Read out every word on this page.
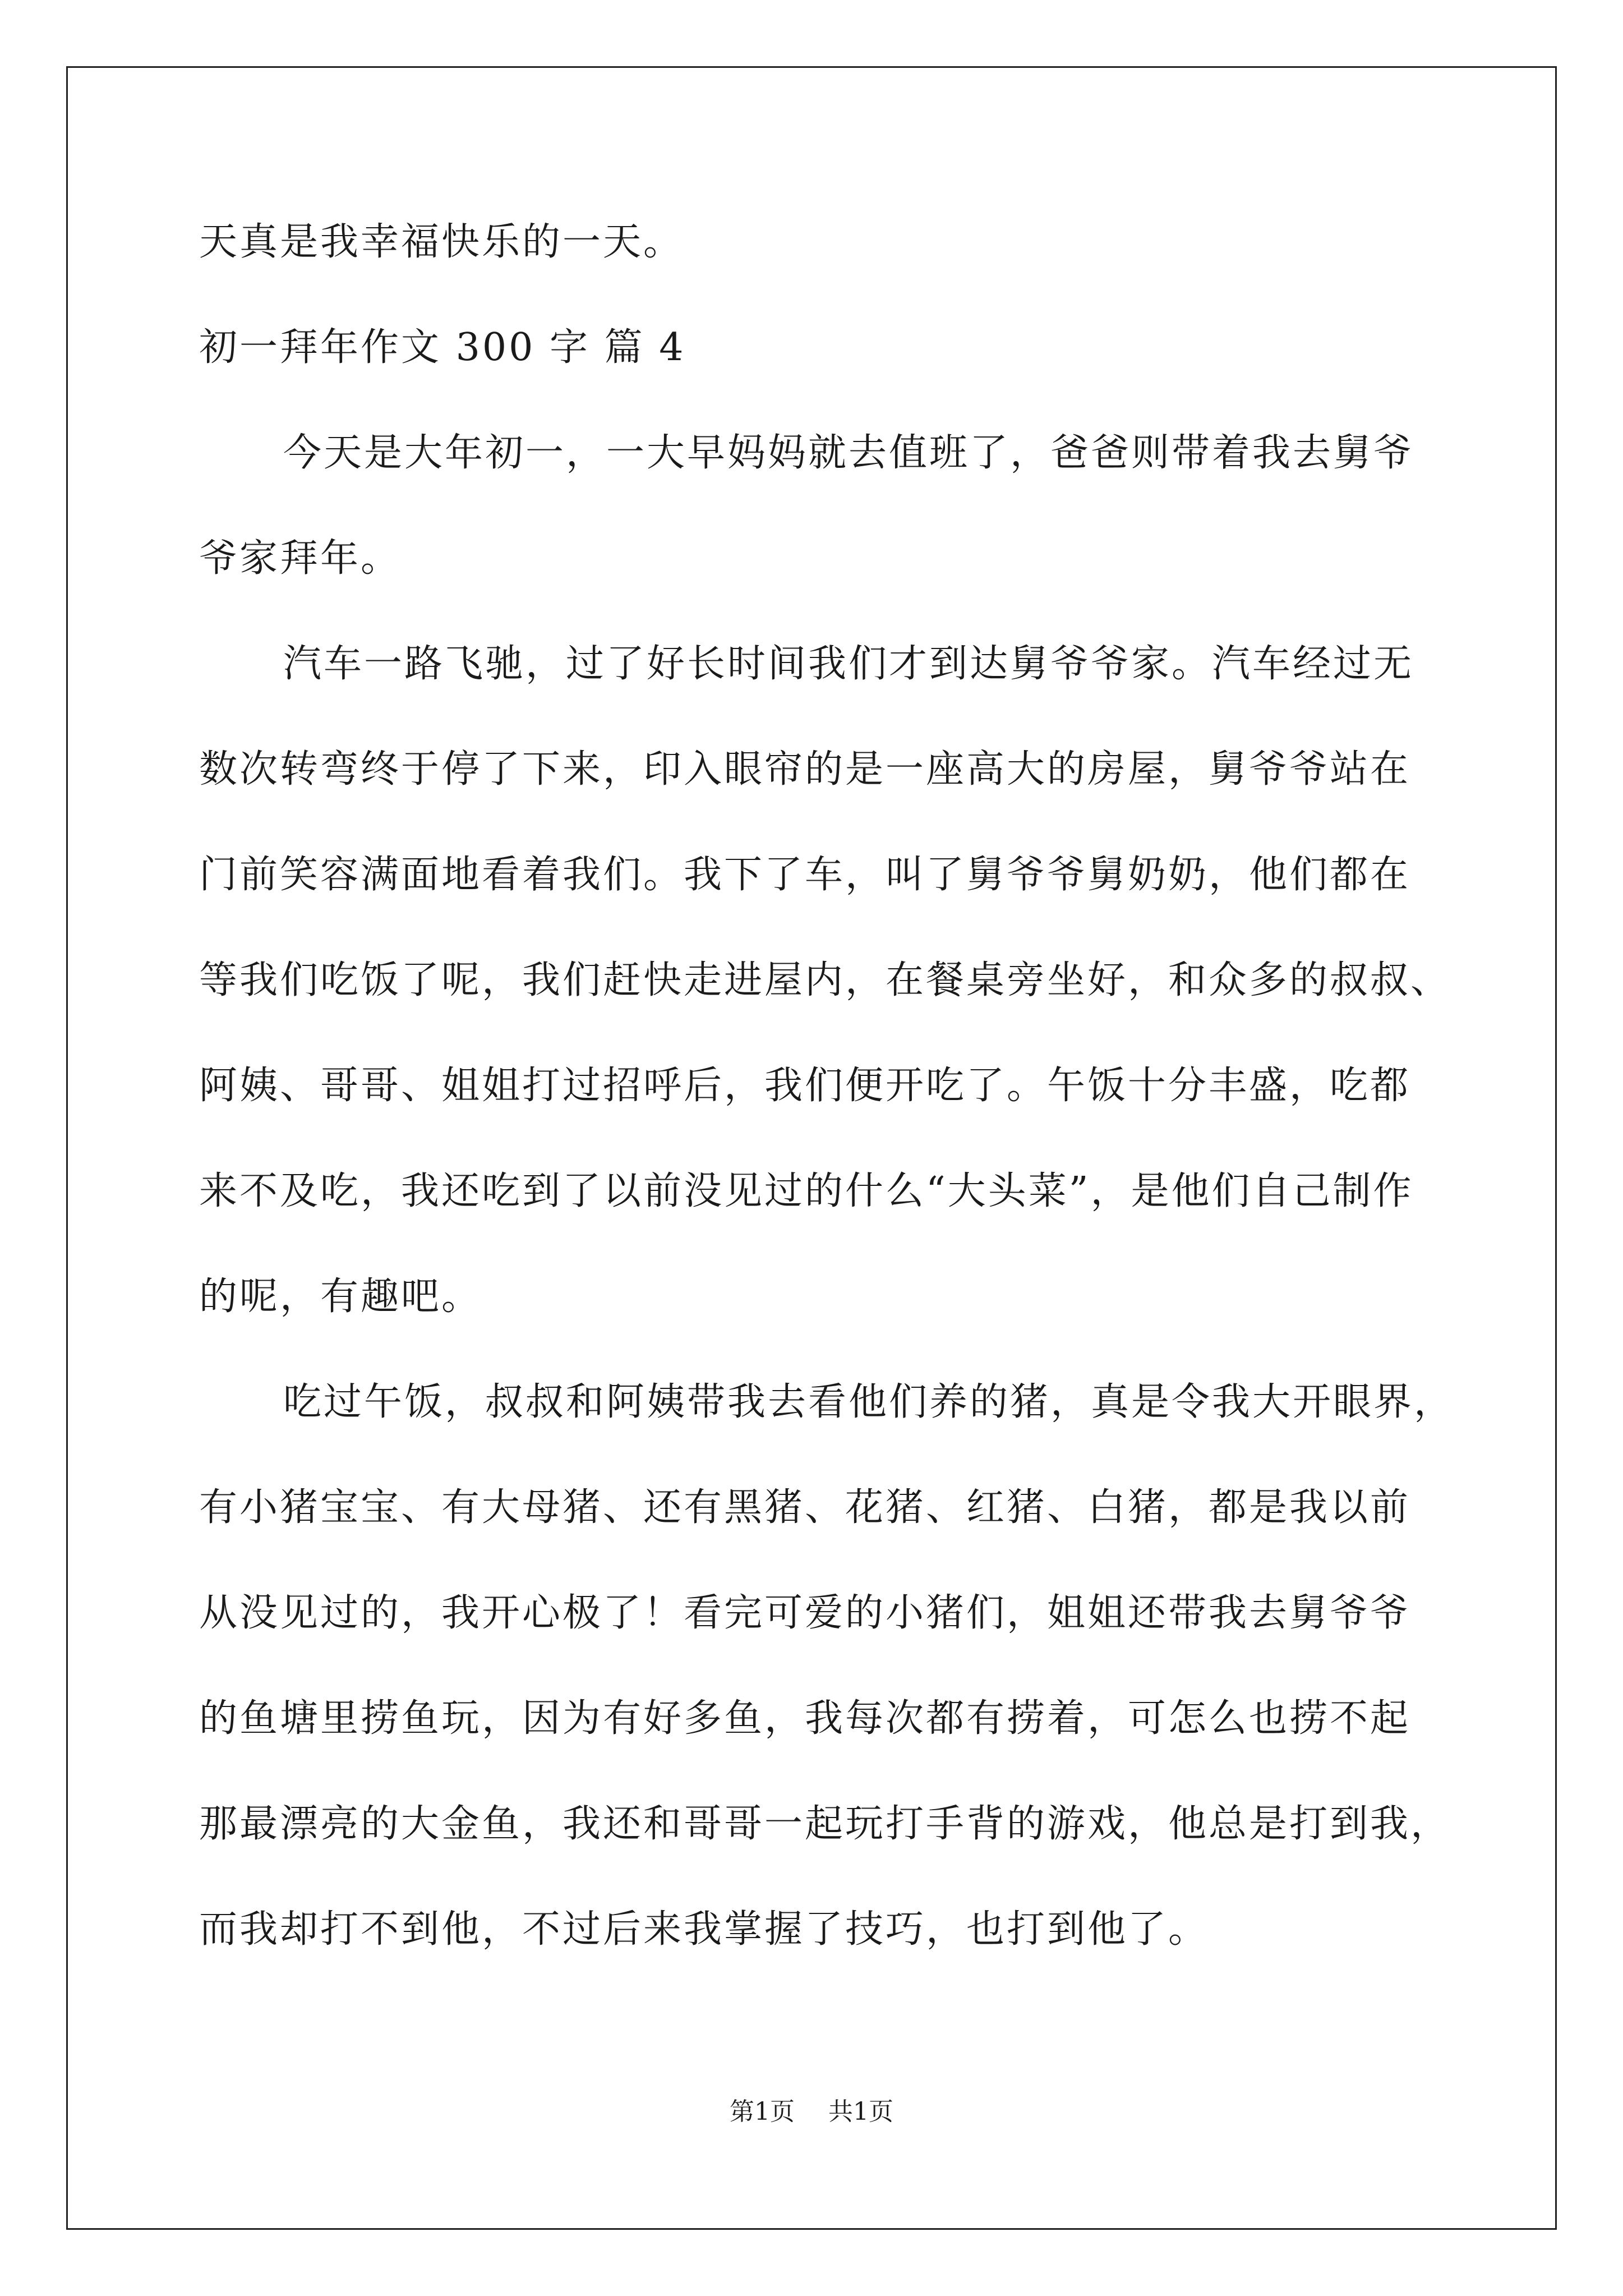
天真是我幸福快乐的一天。
初一拜年作文 300 字 篇 4
今天是大年初一，一大早妈妈就去值班了，爸爸则带着我去舅爷
爷家拜年。
汽车一路飞驰，过了好长时间我们才到达舅爷爷家。汽车经过无
数次转弯终于停了下来，印入眼帘的是一座高大的房屋，舅爷爷站在
门前笑容满面地看着我们。我下了车，叫了舅爷爷舅奶奶，他们都在
等我们吃饭了呢，我们赶快走进屋内，在餐桌旁坐好，和众多的叔叔、
阿姨、哥哥、姐姐打过招呼后，我们便开吃了。午饭十分丰盛，吃都
来不及吃，我还吃到了以前没见过的什么“大头菜”，是他们自己制作
的呢，有趣吧。
吃过午饭，叔叔和阿姨带我去看他们养的猪，真是令我大开眼界，
有小猪宝宝、有大母猪、还有黑猪、花猪、红猪、白猪，都是我以前
从没见过的，我开心极了！看完可爱的小猪们，姐姐还带我去舅爷爷
的鱼塘里捞鱼玩，因为有好多鱼，我每次都有捞着，可怎么也捞不起
那最漂亮的大金鱼，我还和哥哥一起玩打手背的游戏，他总是打到我，
而我却打不到他，不过后来我掌握了技巧，也打到他了。
第1页 共1页
